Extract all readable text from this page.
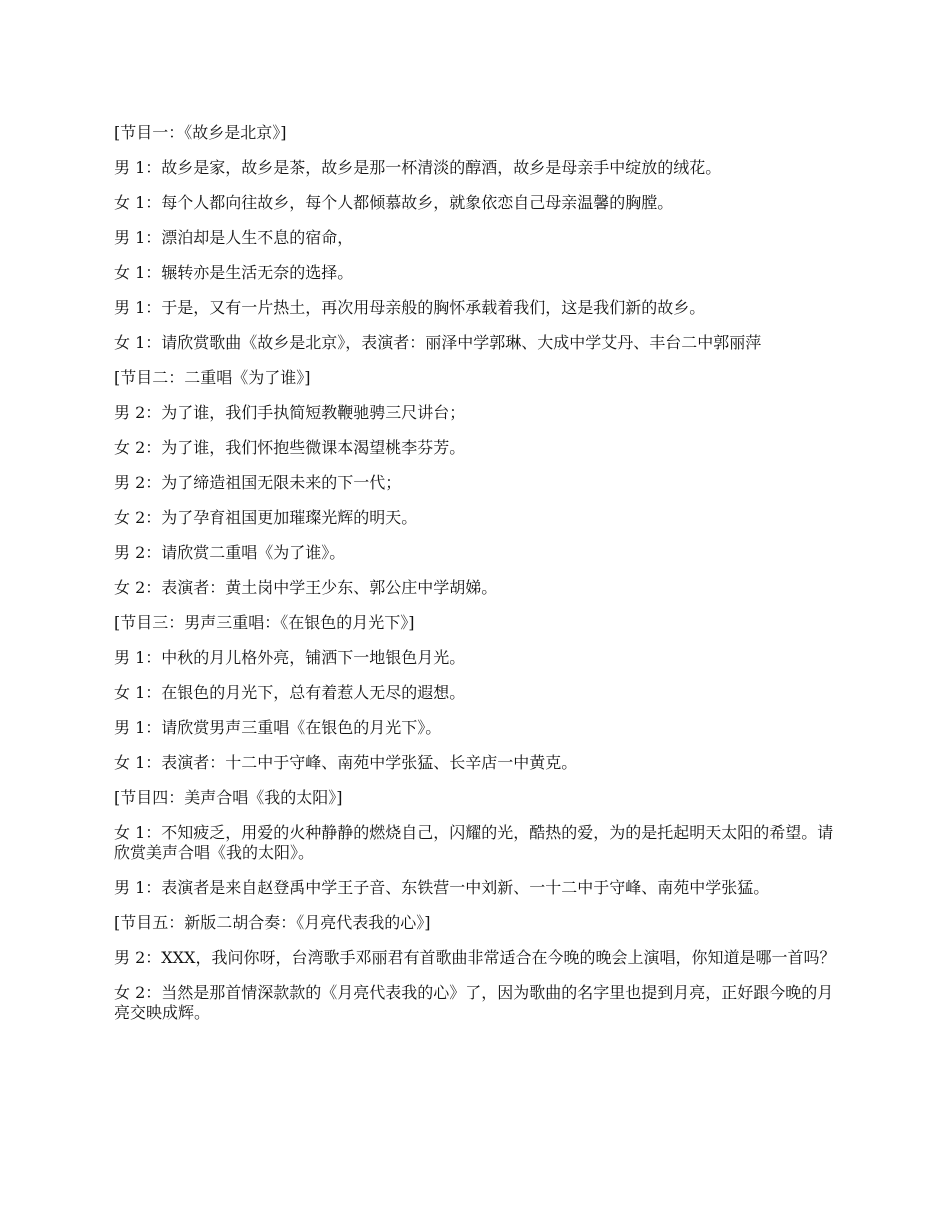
[节目一：《故乡是北京》]

男 1：故乡是家，故乡是茶，故乡是那一杯清淡的醇酒，故乡是母亲手中绽放的绒花。

女 1：每个人都向往故乡，每个人都倾慕故乡，就象依恋自己母亲温馨的胸膛。

男 1：漂泊却是人生不息的宿命，

女 1：辗转亦是生活无奈的选择。

男 1：于是，又有一片热土，再次用母亲般的胸怀承载着我们，这是我们新的故乡。

女 1：请欣赏歌曲《故乡是北京》，表演者：丽泽中学郭琳、大成中学艾丹、丰台二中郭丽萍

[节目二：二重唱《为了谁》]

男 2：为了谁，我们手执简短教鞭驰骋三尺讲台；

女 2：为了谁，我们怀抱些微课本渴望桃李芬芳。

男 2：为了缔造祖国无限未来的下一代；

女 2：为了孕育祖国更加璀璨光辉的明天。

男 2：请欣赏二重唱《为了谁》。

女 2：表演者：黄土岗中学王少东、郭公庄中学胡娣。

[节目三：男声三重唱：《在银色的月光下》]

男 1：中秋的月儿格外亮，铺洒下一地银色月光。

女 1：在银色的月光下，总有着惹人无尽的遐想。

男 1：请欣赏男声三重唱《在银色的月光下》。

女 1：表演者：十二中于守峰、南苑中学张猛、长辛店一中黄克。

[节目四：美声合唱《我的太阳》]

女 1：不知疲乏，用爱的火种静静的燃烧自己，闪耀的光，酷热的爱，为的是托起明天太阳的希望。请欣赏美声合唱《我的太阳》。

男 1：表演者是来自赵登禹中学王子音、东铁营一中刘新、一十二中于守峰、南苑中学张猛。

[节目五：新版二胡合奏：《月亮代表我的心》]

男 2：XXX，我问你呀，台湾歌手邓丽君有首歌曲非常适合在今晚的晚会上演唱，你知道是哪一首吗？

女 2：当然是那首情深款款的《月亮代表我的心》了，因为歌曲的名字里也提到月亮，正好跟今晚的月亮交映成辉。
